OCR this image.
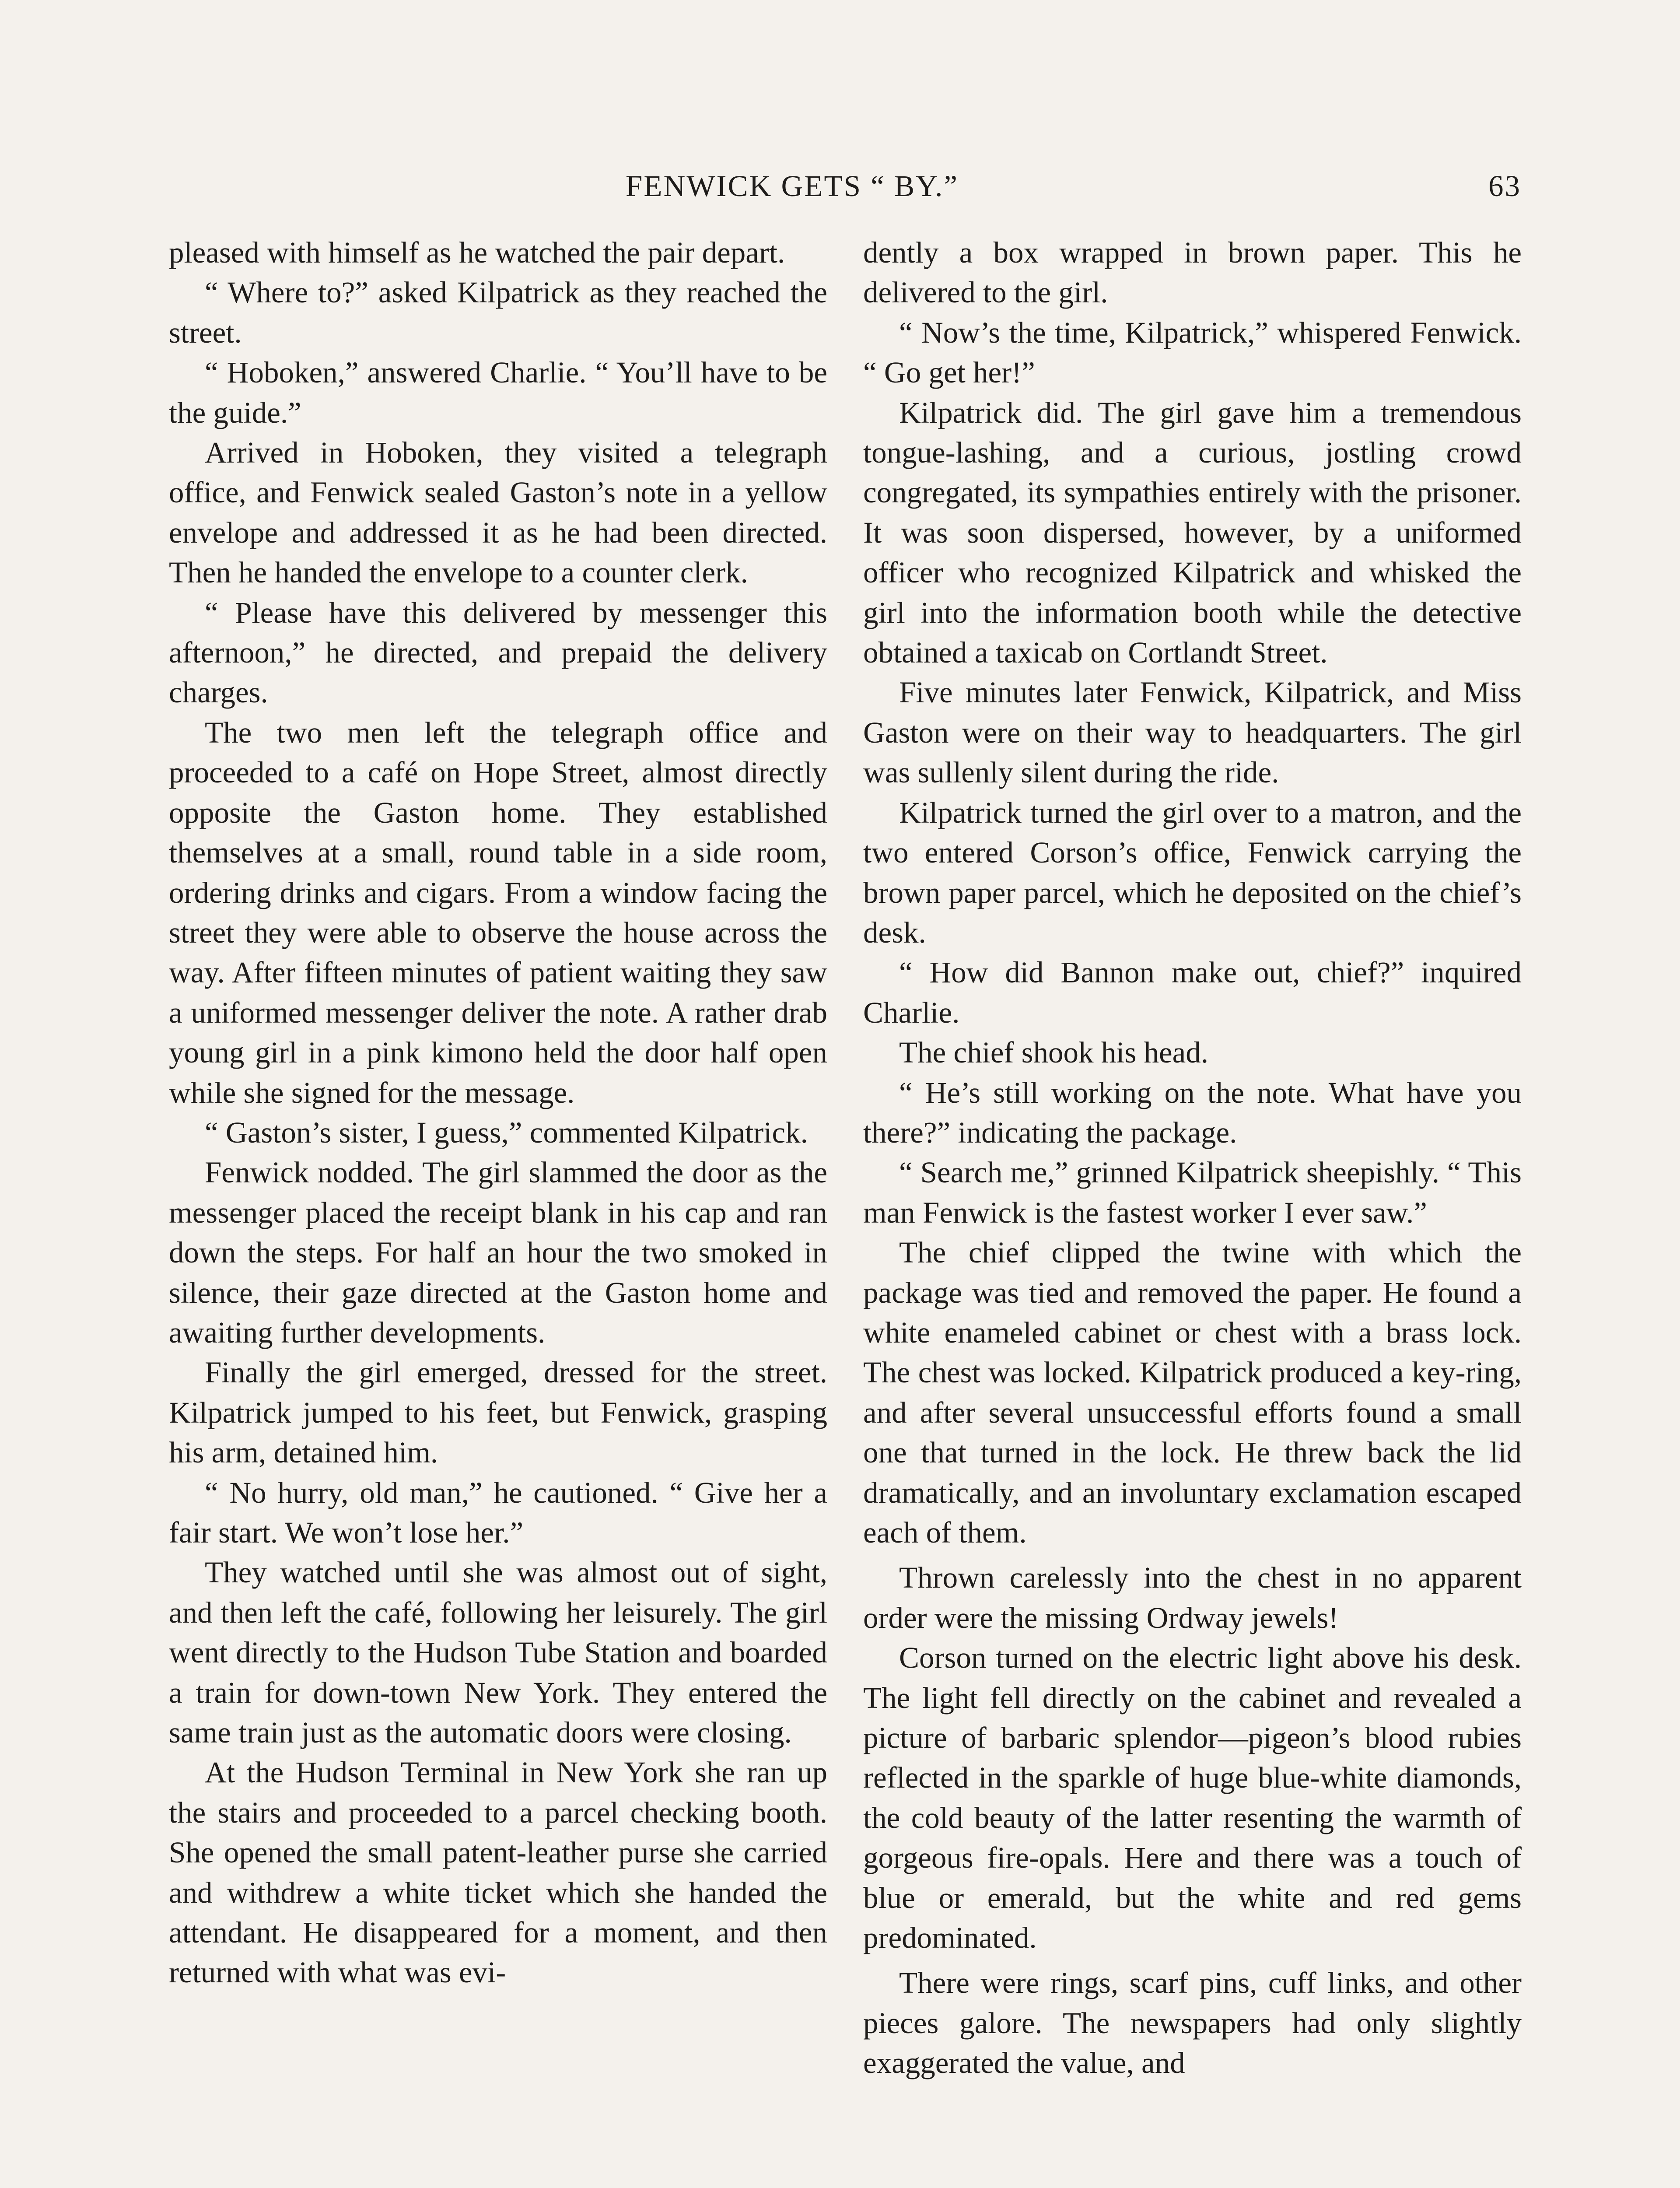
FENWICK GETS “ BY.”	63

pleased with himself as he watched the pair depart.

“ Where to?” asked Kilpatrick as they reached the street.

“ Hoboken,” answered Charlie. “ You’ll have to be the guide.”

Arrived in Hoboken, they visited a telegraph office, and Fenwick sealed Gaston’s note in a yellow envelope and addressed it as he had been directed. Then he handed the envelope to a counter clerk.

“ Please have this delivered by messenger this afternoon,” he directed, and prepaid the delivery charges.

The two men left the telegraph office and proceeded to a café on Hope Street, almost directly opposite the Gaston home. They established themselves at a small, round table in a side room, ordering drinks and cigars. From a window facing the street they were able to observe the house across the way. After fifteen minutes of patient waiting they saw a uniformed messenger deliver the note. A rather drab young girl in a pink kimono held the door half open while she signed for the message.

“ Gaston’s sister, I guess,” commented Kilpatrick.

Fenwick nodded. The girl slammed the door as the messenger placed the receipt blank in his cap and ran down the steps. For half an hour the two smoked in silence, their gaze directed at the Gaston home and awaiting further developments.

Finally the girl emerged, dressed for the street. Kilpatrick jumped to his feet, but Fenwick, grasping his arm, detained him.

“ No hurry, old man,” he cautioned. “ Give her a fair start. We won’t lose her.”

They watched until she was almost out of sight, and then left the café, following her leisurely. The girl went directly to the Hudson Tube Station and boarded a train for down-town New York. They entered the same train just as the automatic doors were closing.

At the Hudson Terminal in New York she ran up the stairs and proceeded to a parcel checking booth. She opened the small patent-leather purse she carried and withdrew a white ticket which she handed the attendant. He disappeared for a moment, and then returned with what was evi-

dently a box wrapped in brown paper. This he delivered to the girl.

“ Now’s the time, Kilpatrick,” whispered Fenwick. “ Go get her!”

Kilpatrick did. The girl gave him a tremendous tongue-lashing, and a curious, jostling crowd congregated, its sympathies entirely with the prisoner. It was soon dispersed, however, by a uniformed officer who recognized Kilpatrick and whisked the girl into the information booth while the detective obtained a taxicab on Cortlandt Street.

Five minutes later Fenwick, Kilpatrick, and Miss Gaston were on their way to headquarters. The girl was sullenly silent during the ride.

Kilpatrick turned the girl over to a matron, and the two entered Corson’s office, Fenwick carrying the brown paper parcel, which he deposited on the chief’s desk.

“ How did Bannon make out, chief?” inquired Charlie.

The chief shook his head.

“ He’s still working on the note. What have you there?” indicating the package.

“ Search me,” grinned Kilpatrick sheepishly. “ This man Fenwick is the fastest worker I ever saw.”

The chief clipped the twine with which the package was tied and removed the paper. He found a white enameled cabinet or chest with a brass lock. The chest was locked. Kilpatrick produced a key-ring, and after several unsuccessful efforts found a small one that turned in the lock. He threw back the lid dramatically, and an involuntary exclamation escaped each of them.

Thrown carelessly into the chest in no apparent order were the missing Ordway jewels!

Corson turned on the electric light above his desk. The light fell directly on the cabinet and revealed a picture of barbaric splendor—pigeon’s blood rubies reflected in the sparkle of huge blue-white diamonds, the cold beauty of the latter resenting the warmth of gorgeous fire-opals. Here and there was a touch of blue or emerald, but the white and red gems predominated.

There were rings, scarf pins, cuff links, and other pieces galore. The newspapers had only slightly exaggerated the value, and
